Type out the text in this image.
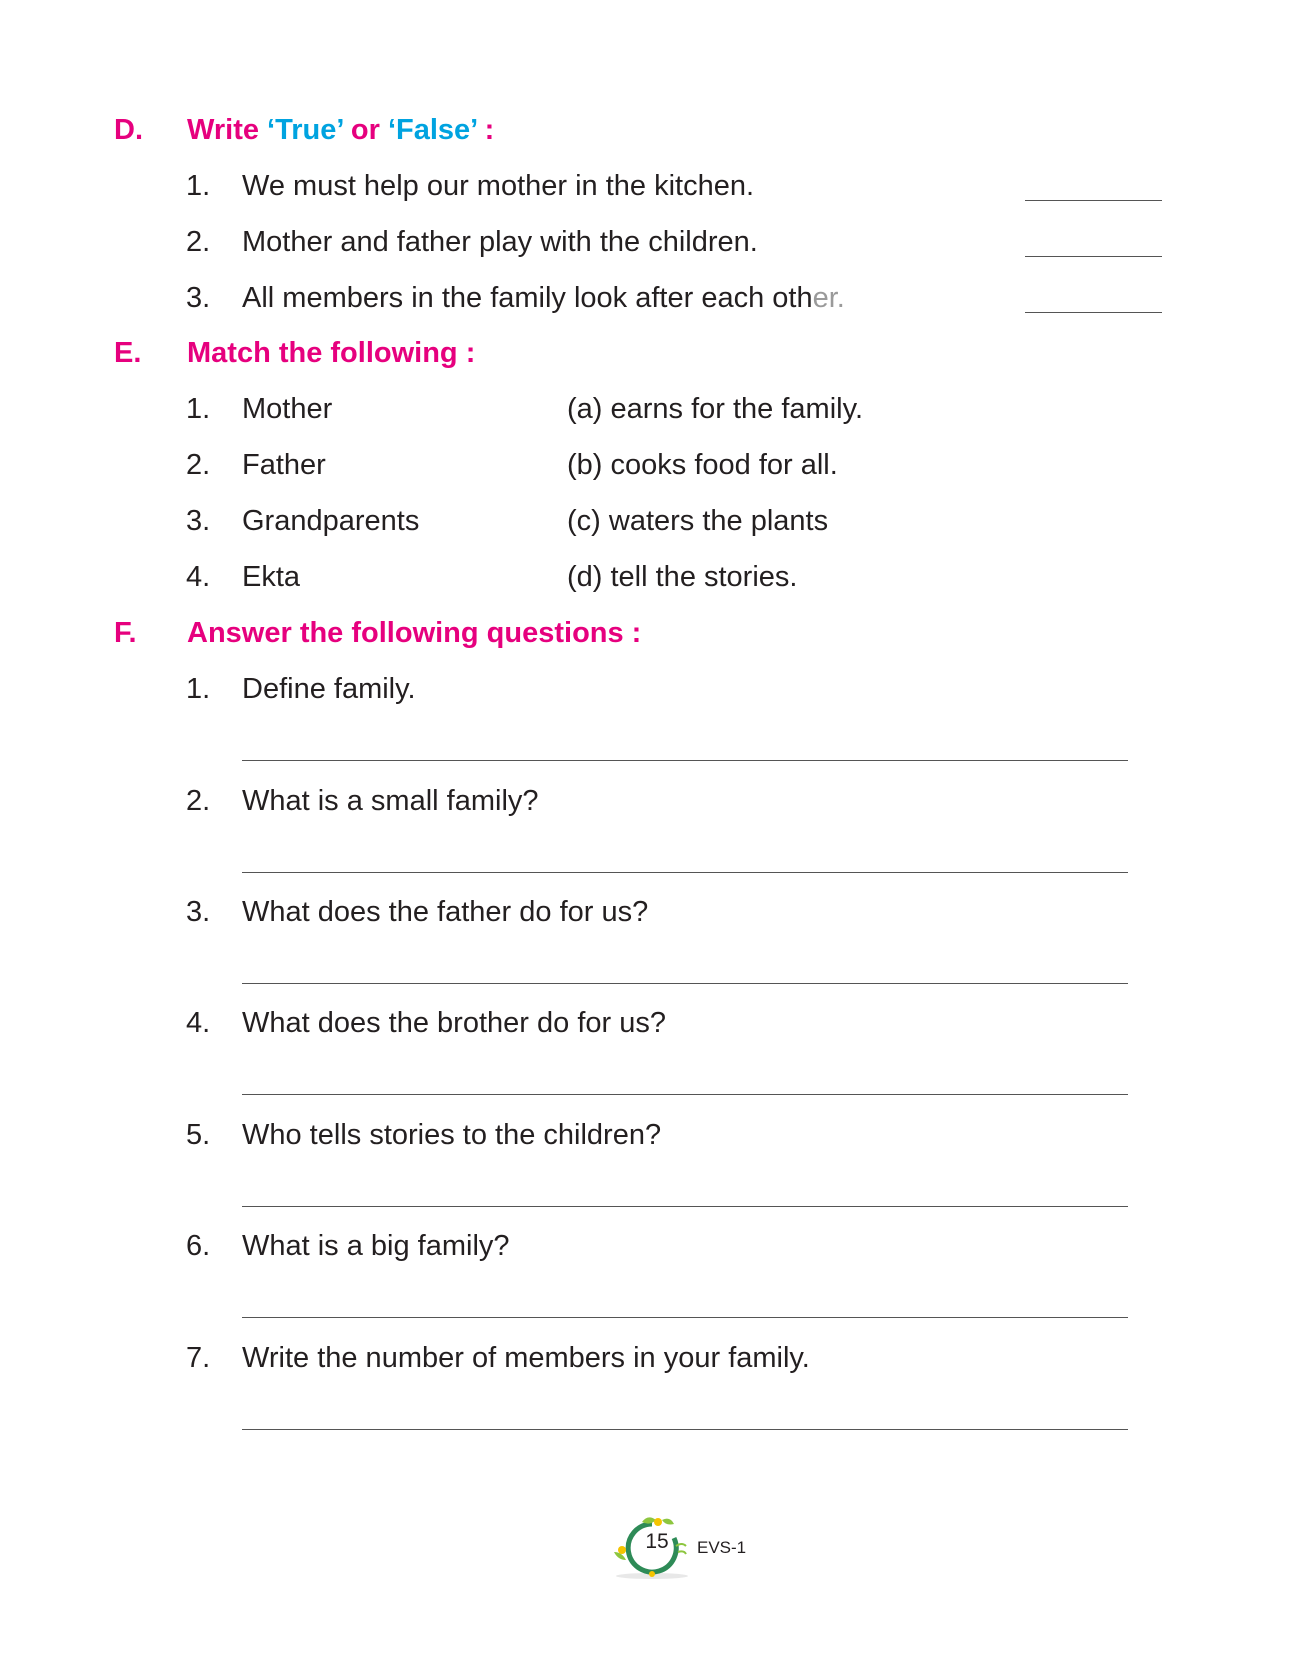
D. Write ‘True’ or ‘False’ :
1. We must help our mother in the kitchen.
2. Mother and father play with the children.
3. All members in the family look after each other.
E. Match the following :
1. Mother	(a) earns for the family.
2. Father	(b) cooks food for all.
3. Grandparents	(c) waters the plants
4. Ekta	(d) tell the stories.
F. Answer the following questions :
1. Define family.
2. What is a small family?
3. What does the father do for us?
4. What does the brother do for us?
5. Who tells stories to the children?
6. What is a big family?
7. Write the number of members in your family.
15	EVS-1
